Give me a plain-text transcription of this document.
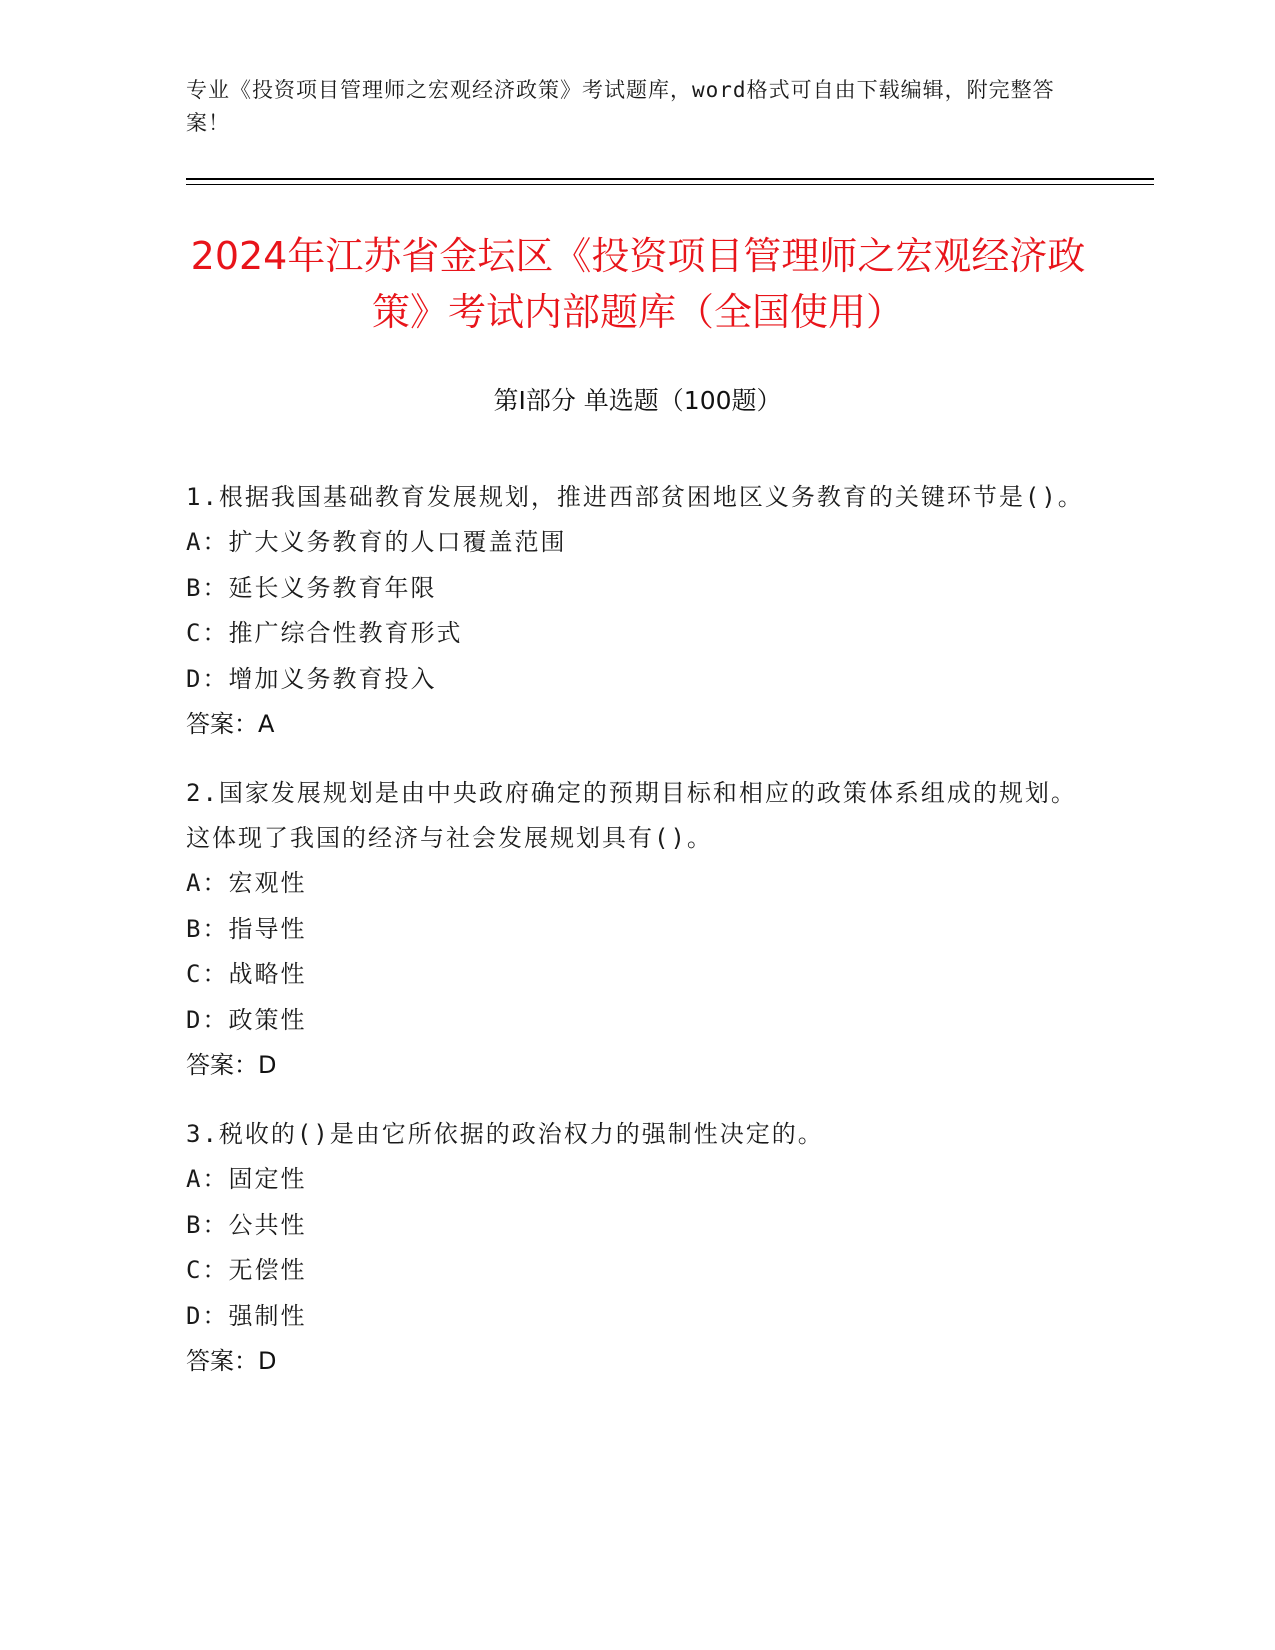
专业《投资项目管理师之宏观经济政策》考试题库，word格式可自由下载编辑，附完整答案！
2024年江苏省金坛区《投资项目管理师之宏观经济政策》考试内部题库（全国使用）
第Ⅰ部分 单选题（100题）
1.根据我国基础教育发展规划，推进西部贫困地区义务教育的关键环节是()。
A：扩大义务教育的人口覆盖范围
B：延长义务教育年限
C：推广综合性教育形式
D：增加义务教育投入
答案：A
2.国家发展规划是由中央政府确定的预期目标和相应的政策体系组成的规划。这体现了我国的经济与社会发展规划具有()。
A：宏观性
B：指导性
C：战略性
D：政策性
答案：D
3.税收的()是由它所依据的政治权力的强制性决定的。
A：固定性
B：公共性
C：无偿性
D：强制性
答案：D
